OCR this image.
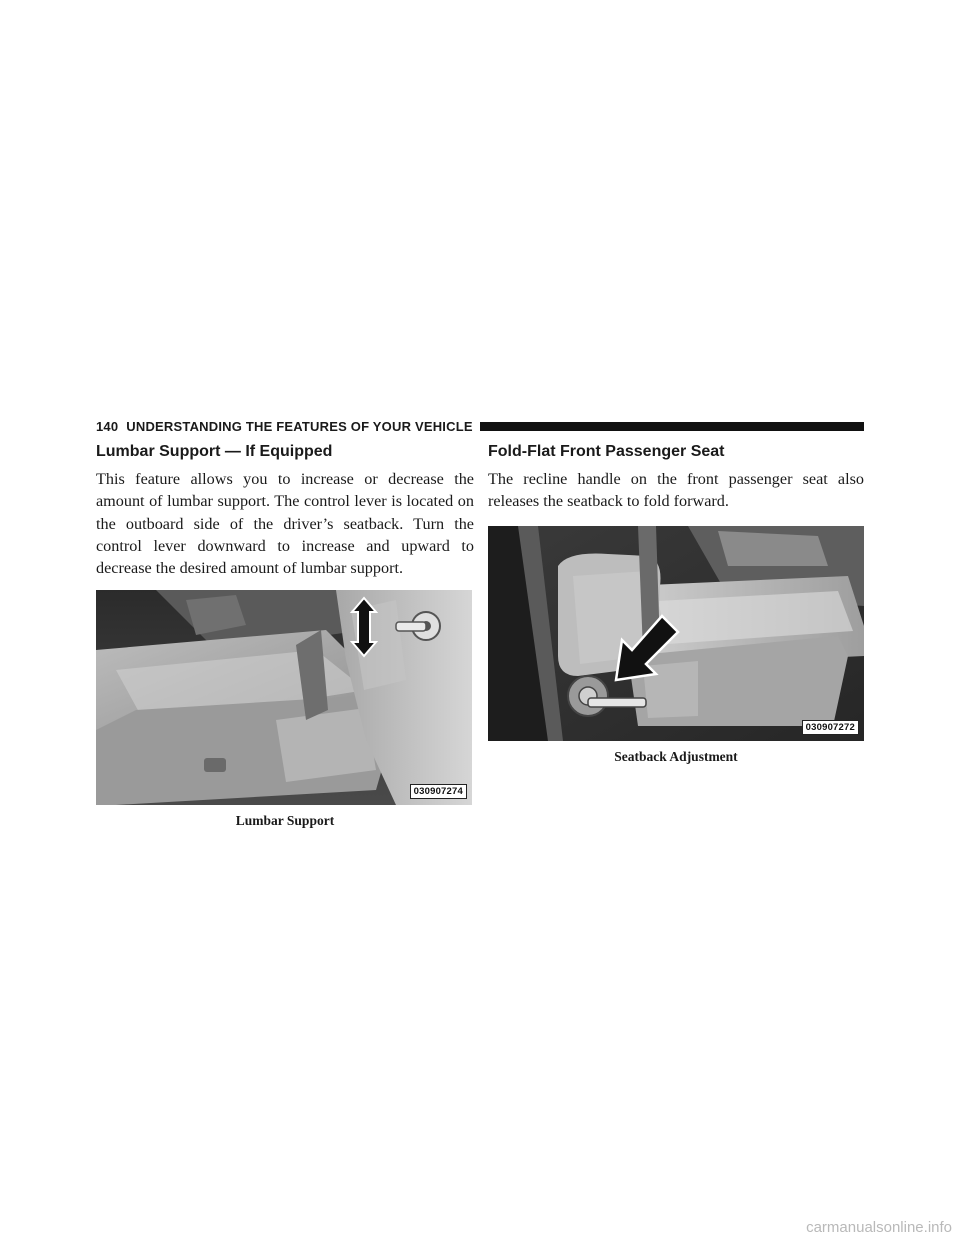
140 UNDERSTANDING THE FEATURES OF YOUR VEHICLE
Lumbar Support — If Equipped

This feature allows you to increase or decrease the amount of lumbar support. The control lever is located on the outboard side of the driver’s seatback. Turn the control lever downward to increase and upward to decrease the desired amount of lumbar support.

030907274
Lumbar Support
Fold-Flat Front Passenger Seat

The recline handle on the front passenger seat also releases the seatback to fold forward.

030907272
Seatback Adjustment
carmanualsonline.info
